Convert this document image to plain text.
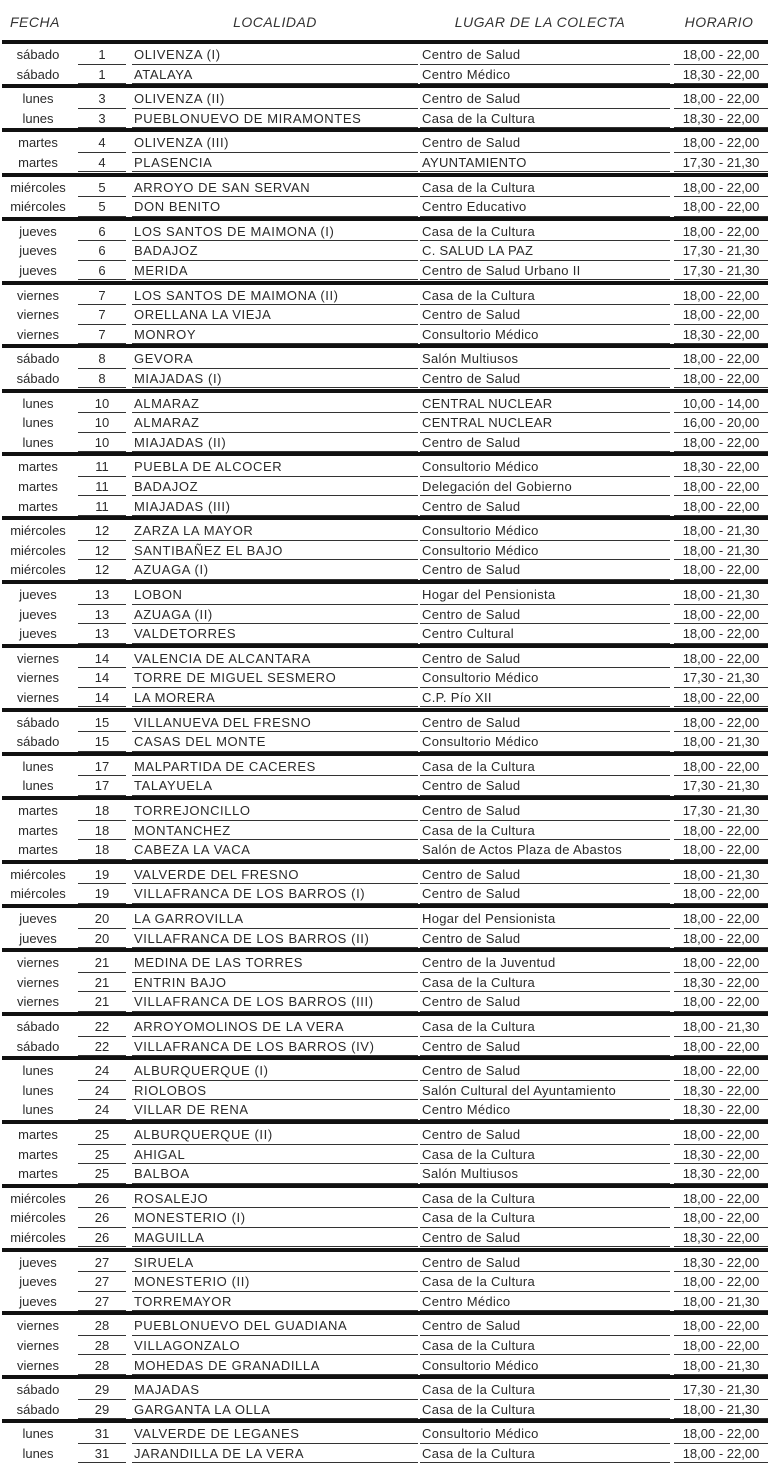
FECHA	LOCALIDAD	LUGAR DE LA COLECTA	HORARIO
sábado	1	OLIVENZA (I)	Centro de Salud	18,00 - 22,00
sábado	1	ATALAYA	Centro Médico	18,30 - 22,00
lunes	3	OLIVENZA (II)	Centro de Salud	18,00 - 22,00
lunes	3	PUEBLONUEVO DE MIRAMONTES	Casa de la Cultura	18,30 - 22,00
martes	4	OLIVENZA (III)	Centro de Salud	18,00 - 22,00
martes	4	PLASENCIA	AYUNTAMIENTO	17,30 - 21,30
miércoles	5	ARROYO DE SAN SERVAN	Casa de la Cultura	18,00 - 22,00
miércoles	5	DON BENITO	Centro Educativo	18,00 - 22,00
jueves	6	LOS SANTOS DE MAIMONA (I)	Casa de la Cultura	18,00 - 22,00
jueves	6	BADAJOZ	C. SALUD LA PAZ	17,30 - 21,30
jueves	6	MERIDA	Centro de Salud Urbano II	17,30 - 21,30
viernes	7	LOS SANTOS DE MAIMONA (II)	Casa de la Cultura	18,00 - 22,00
viernes	7	ORELLANA LA VIEJA	Centro de Salud	18,00 - 22,00
viernes	7	MONROY	Consultorio Médico	18,30 - 22,00
sábado	8	GEVORA	Salón Multiusos	18,00 - 22,00
sábado	8	MIAJADAS (I)	Centro de Salud	18,00 - 22,00
lunes	10	ALMARAZ	CENTRAL NUCLEAR	10,00 - 14,00
lunes	10	ALMARAZ	CENTRAL NUCLEAR	16,00 - 20,00
lunes	10	MIAJADAS (II)	Centro de Salud	18,00 - 22,00
martes	11	PUEBLA DE ALCOCER	Consultorio Médico	18,30 - 22,00
martes	11	BADAJOZ	Delegación del Gobierno	18,00 - 22,00
martes	11	MIAJADAS (III)	Centro de Salud	18,00 - 22,00
miércoles	12	ZARZA LA MAYOR	Consultorio Médico	18,00 - 21,30
miércoles	12	SANTIBAÑEZ EL BAJO	Consultorio Médico	18,00 - 21,30
miércoles	12	AZUAGA (I)	Centro de Salud	18,00 - 22,00
jueves	13	LOBON	Hogar del Pensionista	18,00 - 21,30
jueves	13	AZUAGA (II)	Centro de Salud	18,00 - 22,00
jueves	13	VALDETORRES	Centro Cultural	18,00 - 22,00
viernes	14	VALENCIA DE ALCANTARA	Centro de Salud	18,00 - 22,00
viernes	14	TORRE DE MIGUEL SESMERO	Consultorio Médico	17,30 - 21,30
viernes	14	LA MORERA	C.P. Pío XII	18,00 - 22,00
sábado	15	VILLANUEVA DEL FRESNO	Centro de Salud	18,00 - 22,00
sábado	15	CASAS DEL MONTE	Consultorio Médico	18,00 - 21,30
lunes	17	MALPARTIDA DE CACERES	Casa de la Cultura	18,00 - 22,00
lunes	17	TALAYUELA	Centro de Salud	17,30 - 21,30
martes	18	TORREJONCILLO	Centro de Salud	17,30 - 21,30
martes	18	MONTANCHEZ	Casa de la Cultura	18,00 - 22,00
martes	18	CABEZA LA VACA	Salón de Actos Plaza de Abastos	18,00 - 22,00
miércoles	19	VALVERDE DEL FRESNO	Centro de Salud	18,00 - 21,30
miércoles	19	VILLAFRANCA DE LOS BARROS (I)	Centro de Salud	18,00 - 22,00
jueves	20	LA GARROVILLA	Hogar del Pensionista	18,00 - 22,00
jueves	20	VILLAFRANCA DE LOS BARROS (II)	Centro de Salud	18,00 - 22,00
viernes	21	MEDINA DE LAS TORRES	Centro de la Juventud	18,00 - 22,00
viernes	21	ENTRIN BAJO	Casa de la Cultura	18,30 - 22,00
viernes	21	VILLAFRANCA DE LOS BARROS (III)	Centro de Salud	18,00 - 22,00
sábado	22	ARROYOMOLINOS DE LA VERA	Casa de la Cultura	18,00 - 21,30
sábado	22	VILLAFRANCA DE LOS BARROS (IV)	Centro de Salud	18,00 - 22,00
lunes	24	ALBURQUERQUE (I)	Centro de Salud	18,00 - 22,00
lunes	24	RIOLOBOS	Salón Cultural del Ayuntamiento	18,30 - 22,00
lunes	24	VILLAR DE RENA	Centro Médico	18,30 - 22,00
martes	25	ALBURQUERQUE (II)	Centro de Salud	18,00 - 22,00
martes	25	AHIGAL	Casa de la Cultura	18,30 - 22,00
martes	25	BALBOA	Salón Multiusos	18,30 - 22,00
miércoles	26	ROSALEJO	Casa de la Cultura	18,00 - 22,00
miércoles	26	MONESTERIO (I)	Casa de la Cultura	18,00 - 22,00
miércoles	26	MAGUILLA	Centro de Salud	18,30 - 22,00
jueves	27	SIRUELA	Centro de Salud	18,30 - 22,00
jueves	27	MONESTERIO (II)	Casa de la Cultura	18,00 - 22,00
jueves	27	TORREMAYOR	Centro Médico	18,00 - 21,30
viernes	28	PUEBLONUEVO DEL GUADIANA	Centro de Salud	18,00 - 22,00
viernes	28	VILLAGONZALO	Casa de la Cultura	18,00 - 22,00
viernes	28	MOHEDAS DE GRANADILLA	Consultorio Médico	18,00 - 21,30
sábado	29	MAJADAS	Casa de la Cultura	17,30 - 21,30
sábado	29	GARGANTA LA OLLA	Casa de la Cultura	18,00 - 21,30
lunes	31	VALVERDE DE LEGANES	Consultorio Médico	18,00 - 22,00
lunes	31	JARANDILLA DE LA VERA	Casa de la Cultura	18,00 - 22,00
